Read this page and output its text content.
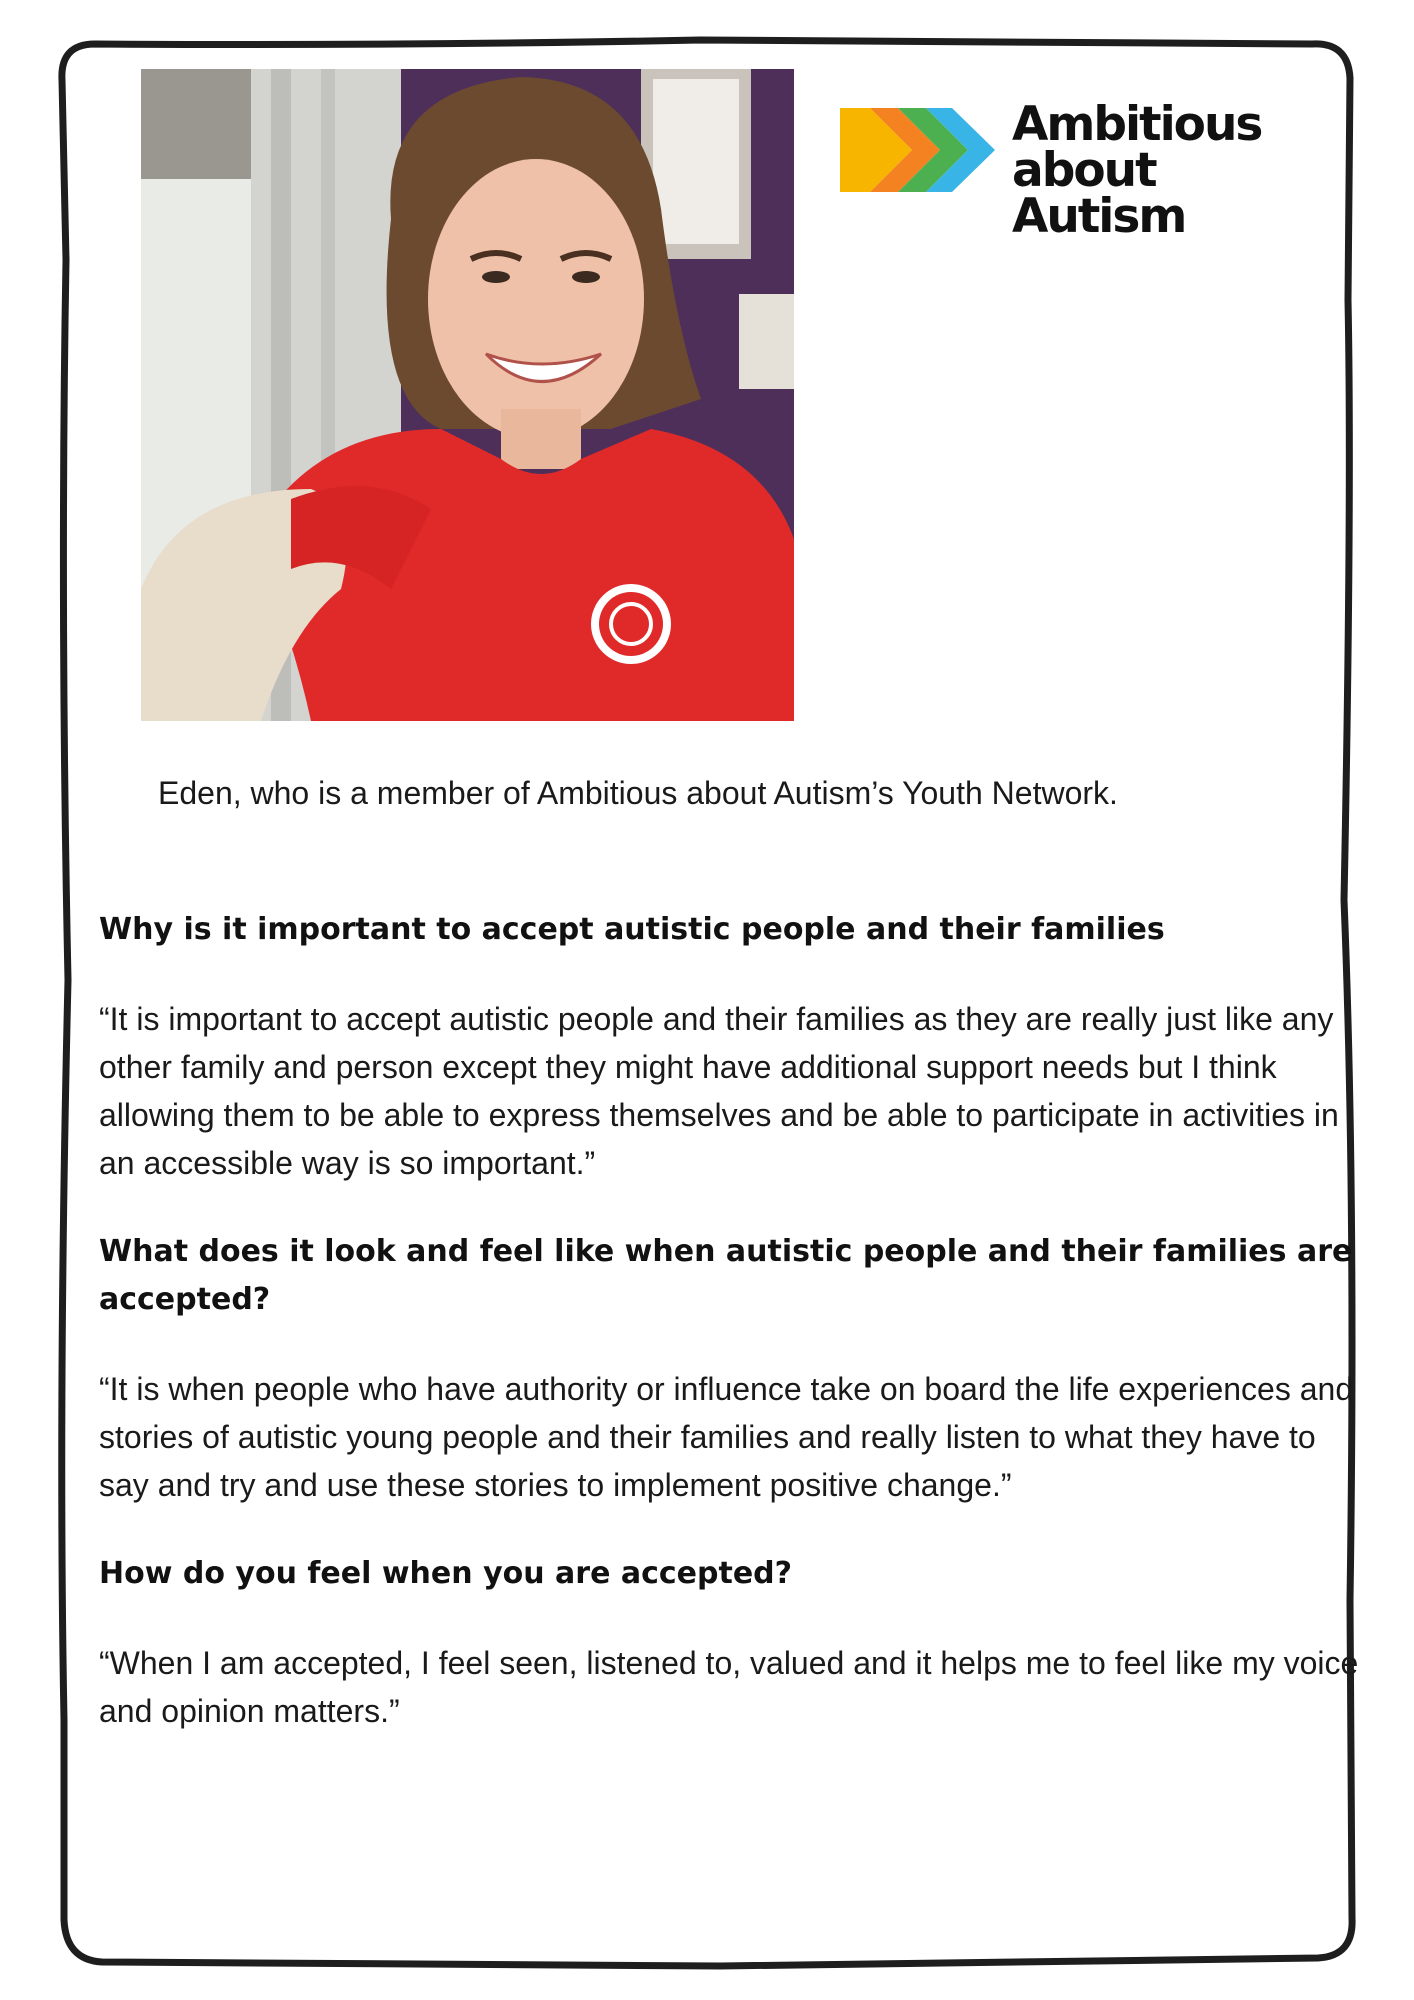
Ambitious
about Autism
Eden, who is a member of Ambitious about Autism’s Youth Network.
Why is it important to accept autistic people and their families

“It is important to accept autistic people and their families as they are really just like any other family and person except they might have additional support needs but I think allowing them to be able to express themselves and be able to participate in activities in an accessible way is so important.”

What does it look and feel like when autistic people and their families are accepted?

“It is when people who have authority or influence take on board the life experiences and stories of autistic young people and their families and really listen to what they have to say and try and use these stories to implement positive change.”

How do you feel when you are accepted?

“When I am accepted, I feel seen, listened to, valued and it helps me to feel like my voice and opinion matters.”
